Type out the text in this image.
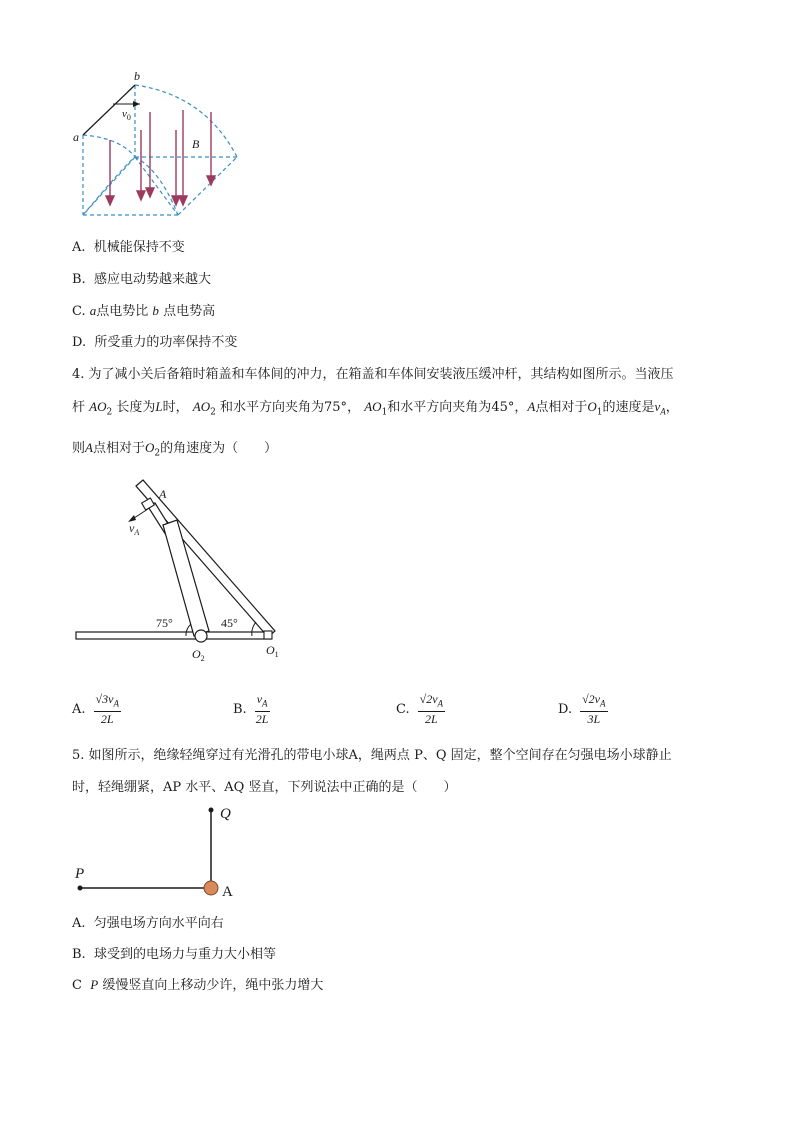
b
a
$v_0$
B
A. 机械能保持不变
B. 感应电动势越来越大
C. a点电势比 b 点电势高
D. 所受重力的功率保持不变
4. 为了减小关后备箱时箱盖和车体间的冲力，在箱盖和车体间安装液压缓冲杆，其结构如图所示。当液压
杆 $AO_2$ 长度为L时， $AO_2$ 和水平方向夹角为75°， $AO_1$和水平方向夹角为45°，A点相对于$O_1$的速度是$v_A$，
则A点相对于$O_2$的角速度为（　　）
A
$v_A$
75°	45°
$O_2$
$O_1$
A. $\frac{√3v_A}{2L}$	B. $\frac{v_A}{2L}$	C. $\frac{√2v_A}{2L}$	D. $\frac{√2v_A}{3L}$
5. 如图所示，绝缘轻绳穿过有光滑孔的带电小球A，绳两点 P、Q 固定，整个空间存在匀强电场小球静止
时，轻绳绷紧，AP 水平、AQ 竖直，下列说法中正确的是（　　）
Q
P
A
A. 匀强电场方向水平向右
B. 球受到的电场力与重力大小相等
C P 缓慢竖直向上移动少许，绳中张力增大
